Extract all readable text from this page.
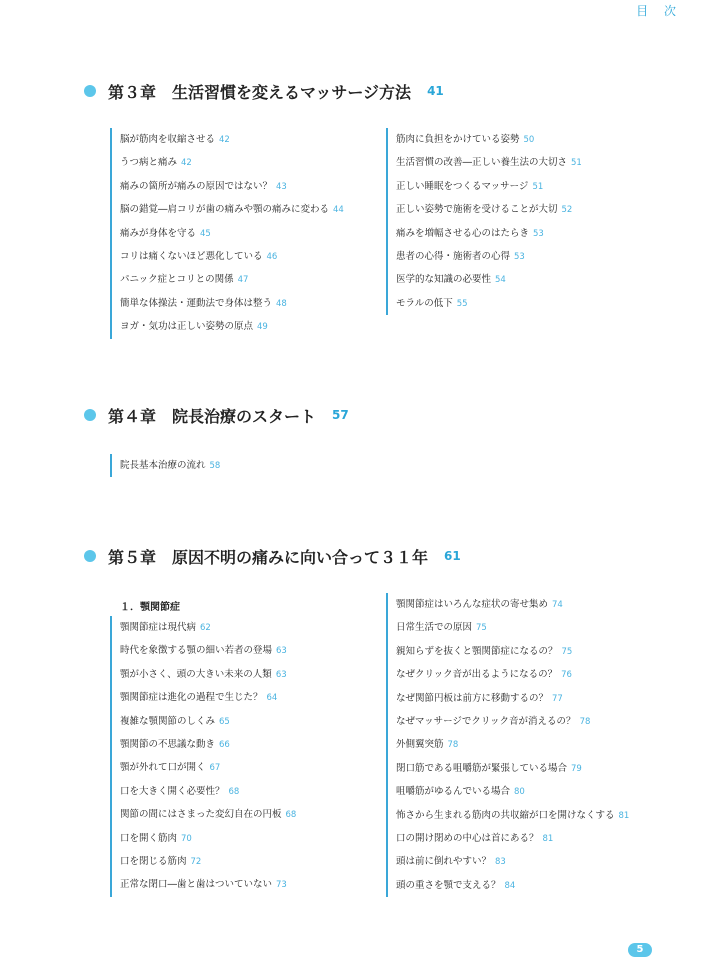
目 次
第３章 生活習慣を変えるマッサージ方法 41
脳が筋肉を収縮させる 42
うつ病と痛み 42
痛みの箇所が痛みの原因ではない？ 43
脳の錯覚―肩コリが歯の痛みや顎の痛みに変わる 44
痛みが身体を守る 45
コリは痛くないほど悪化している 46
パニック症とコリとの関係 47
簡単な体操法・運動法で身体は整う 48
ヨガ・気功は正しい姿勢の原点 49
筋肉に負担をかけている姿勢 50
生活習慣の改善―正しい養生法の大切さ 51
正しい睡眠をつくるマッサージ 51
正しい姿勢で施術を受けることが大切 52
痛みを増幅させる心のはたらき 53
患者の心得・施術者の心得 53
医学的な知識の必要性 54
モラルの低下 55
第４章 院長治療のスタート 57
院長基本治療の流れ 58
第５章 原因不明の痛みに向い合って３１年 61
１．顎関節症
顎関節症は現代病 62
時代を象徴する顎の細い若者の登場 63
顎が小さく、頭の大きい未来の人類 63
顎関節症は進化の過程で生じた？ 64
複雑な顎関節のしくみ 65
顎関節の不思議な動き 66
顎が外れて口が開く 67
口を大きく開く必要性？ 68
関節の間にはさまった変幻自在の円板 68
口を開く筋肉 70
口を閉じる筋肉 72
正常な閉口―歯と歯はついていない 73
顎関節症はいろんな症状の寄せ集め 74
日常生活での原因 75
親知らずを抜くと顎関節症になるの？ 75
なぜクリック音が出るようになるの？ 76
なぜ関節円板は前方に移動するの？ 77
なぜマッサージでクリック音が消えるの？ 78
外側翼突筋 78
閉口筋である咀嚼筋が緊張している場合 79
咀嚼筋がゆるんでいる場合 80
怖さから生まれる筋肉の共収縮が口を開けなくする 81
口の開け閉めの中心は首にある？ 81
頭は前に倒れやすい？ 83
頭の重さを顎で支える？ 84
5
